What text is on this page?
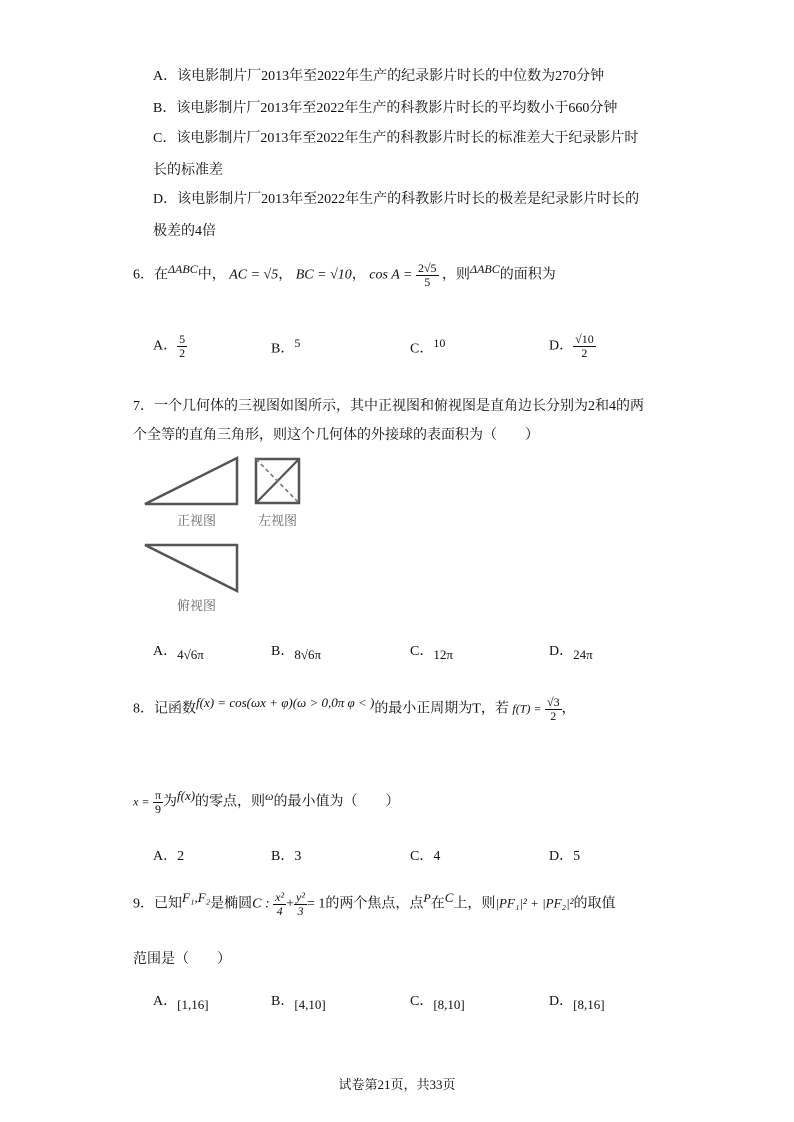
A．该电影制片厂2013年至2022年生产的纪录影片时长的中位数为270分钟
B．该电影制片厂2013年至2022年生产的科教影片时长的平均数小于660分钟
C．该电影制片厂2013年至2022年生产的科教影片时长的标准差大于纪录影片时
长的标准差
D．该电影制片厂2013年至2022年生产的科教影片时长的极差是纪录影片时长的
极差的4倍
6．在$^{\Delta ABC}$中， AC = √5， BC = √10， $\cos A = \frac{2√5}{5}$ ，则$^{\Delta ABC}$的面积为
A． $\frac{5}{2}$	B．$^5$	C．$^{10}$	D． $\frac{√10}{2}$
7．一个几何体的三视图如图所示，其中正视图和俯视图是直角边长分别为2和4的两
个全等的直角三角形，则这个几何体的外接球的表面积为（　　）
正视图	左视图
俯视图
A．$_{4√6\pi}$	B．$_{8√6\pi}$	C．$_{12\pi}$	D．$_{24\pi}$
8．记函数$^{f(x) = cos(\omega x + \varphi)(\omega > 0,0\pi \varphi < )}$的最小正周期为T，若 $f(T) = \frac{√3}{2}$ ，
$x = \frac{\pi}{9}$ 为$^{f(x)}$的零点，则$^\omega$的最小值为（　　）
A．2	B．3	C．4	D．5
9．已知$^{F_1,F_2}$是椭圆C : $\frac{\text{x²}}{4} + \frac{\text{y²}}{3} = 1$的两个焦点，点$^P$在$^C$上，则|PF₁|² + |PF₂|²的取值
范围是（　　）
A．$_{[1,16]}$	B．$_{[4,10]}$	C．$_{[8,10]}$	D．$_{[8,16]}$
试卷第21页，共33页
